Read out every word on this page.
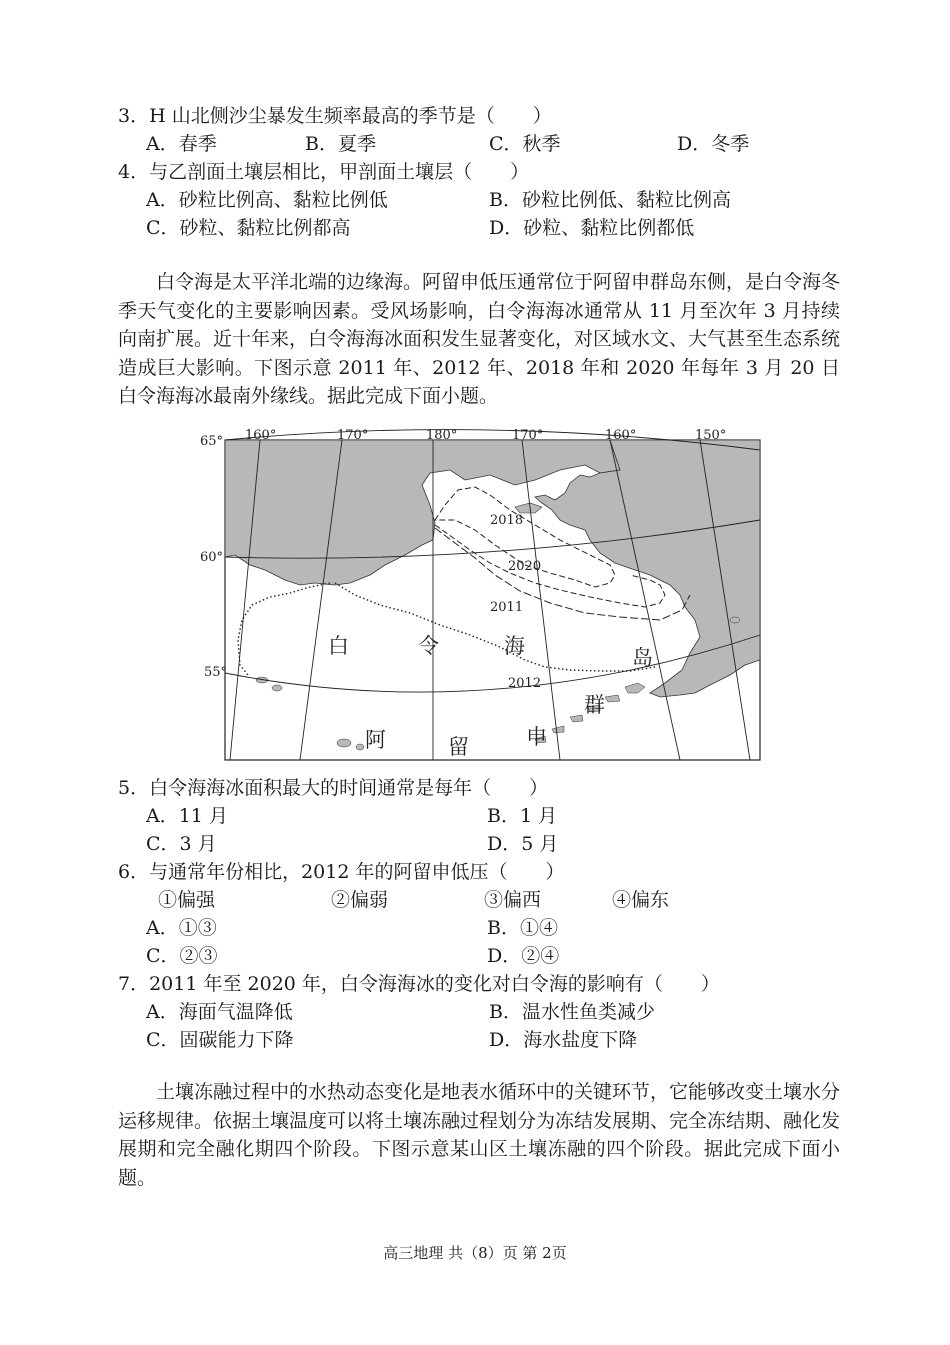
3．H 山北侧沙尘暴发生频率最高的季节是（　　）
A．春季	B．夏季	C．秋季	D．冬季
4．与乙剖面土壤层相比，甲剖面土壤层（　　）
A．砂粒比例高、黏粒比例低	B．砂粒比例低、黏粒比例高
C．砂粒、黏粒比例都高	D．砂粒、黏粒比例都低
白令海是太平洋北端的边缘海。阿留申低压通常位于阿留申群岛东侧，是白令海冬季天气变化的主要影响因素。受风场影响，白令海海冰通常从 11 月至次年 3 月持续向南扩展。近十年来，白令海海冰面积发生显著变化，对区域水文、大气甚至生态系统造成巨大影响。下图示意 2011 年、2012 年、2018 年和 2020 年每年 3 月 20 日白令海海冰最南外缘线。据此完成下面小题。
2018
2020
2011
2012
160°	170°	180°	170°	160°	150°
65°
60°
55°
白	令	海	岛
群
阿	留	申
5．白令海海冰面积最大的时间通常是每年（　　）
A．11 月	B．1 月
C．3 月	D．5 月
6．与通常年份相比，2012 年的阿留申低压（　　）
①偏强	②偏弱	③偏西	④偏东
A．①③	B．①④
C．②③	D．②④
7．2011 年至 2020 年，白令海海冰的变化对白令海的影响有（　　）
A．海面气温降低	B．温水性鱼类减少
C．固碳能力下降	D．海水盐度下降
土壤冻融过程中的水热动态变化是地表水循环中的关键环节，它能够改变土壤水分运移规律。依据土壤温度可以将土壤冻融过程划分为冻结发展期、完全冻结期、融化发展期和完全融化期四个阶段。下图示意某山区土壤冻融的四个阶段。据此完成下面小题。
高三地理 共（8）页 第 2页
